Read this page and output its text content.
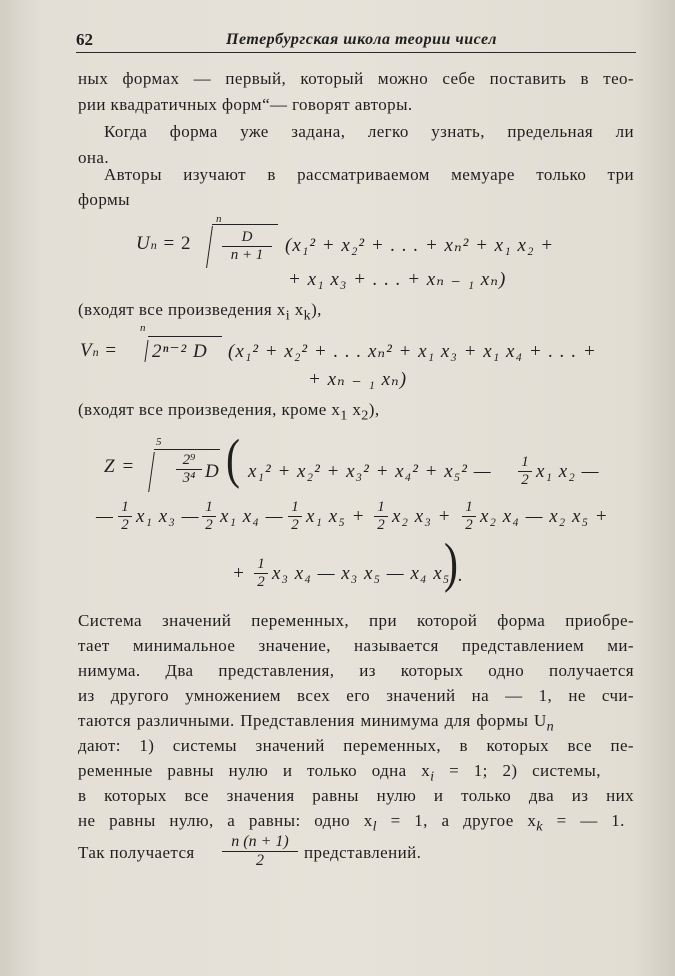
62	Петербургская школа теории чисел
ных формах — первый, который можно себе поставить в тео-
рии квадратичных форм“— говорят авторы.
Когда форма уже задана, легко узнать, предельная ли
она.
Авторы изучают в рассматриваемом мемуаре только три
формы
Un = 2
n
$\frac{D}{n + 1} (x_1^2 + x_2^2$ + . . . + xₙ² + x₁ x₂ +
+ x₁ x₃ + . . . + xₙ ₋ ₁ xₙ)
(входят все произведения $x_i$ $x_k$),
Vn =
n
2ⁿ⁻² D (x₁² + x₂² + . . . xₙ² + x₁ x₃ + x₁ x₄ + . . . +
+ xₙ ₋ ₁ xₙ)
(входят все произведения, кроме $x_1$ $x_2$),
Z =
5
$\frac{\text{2⁹}}{\text{3⁴}}$ D ( x₁² + x₂² + x₃² + x₄² + x₅² — $\frac{1}{2} x_1$ x₂ —
— $\frac{1}{2} x_1$ x₃ — $\frac{1}{2} x_1$ x₄ — $\frac{1}{2} x_1$ $x_5 + \frac{1}{2} x_2$ $x_3 + \frac{1}{2} x_2$ x₄ — x₂ x₅ +
+ $\frac{1}{2} x_3$ x₄ — x₃ x₅ — x₄ x₅
) .
Система значений переменных, при которой форма приобре-
тает минимальное значение, называется представлением ми-
нимума. Два представления, из которых одно получается
из другого умножением всех его значений на — 1, не счи-
таются различными. Представления минимума для формы $U_n$
дают: 1) системы значений переменных, в которых все пе-
ременные равны нулю и только одна $x_i = 1$; 2) системы,
в которых все значения равны нулю и только два из них
не равны нулю, а равны: одно $x_l = 1$, а другое $x_k$ = — 1.
Так получается $\frac{n (n + 1)}{2}$ представлений.
